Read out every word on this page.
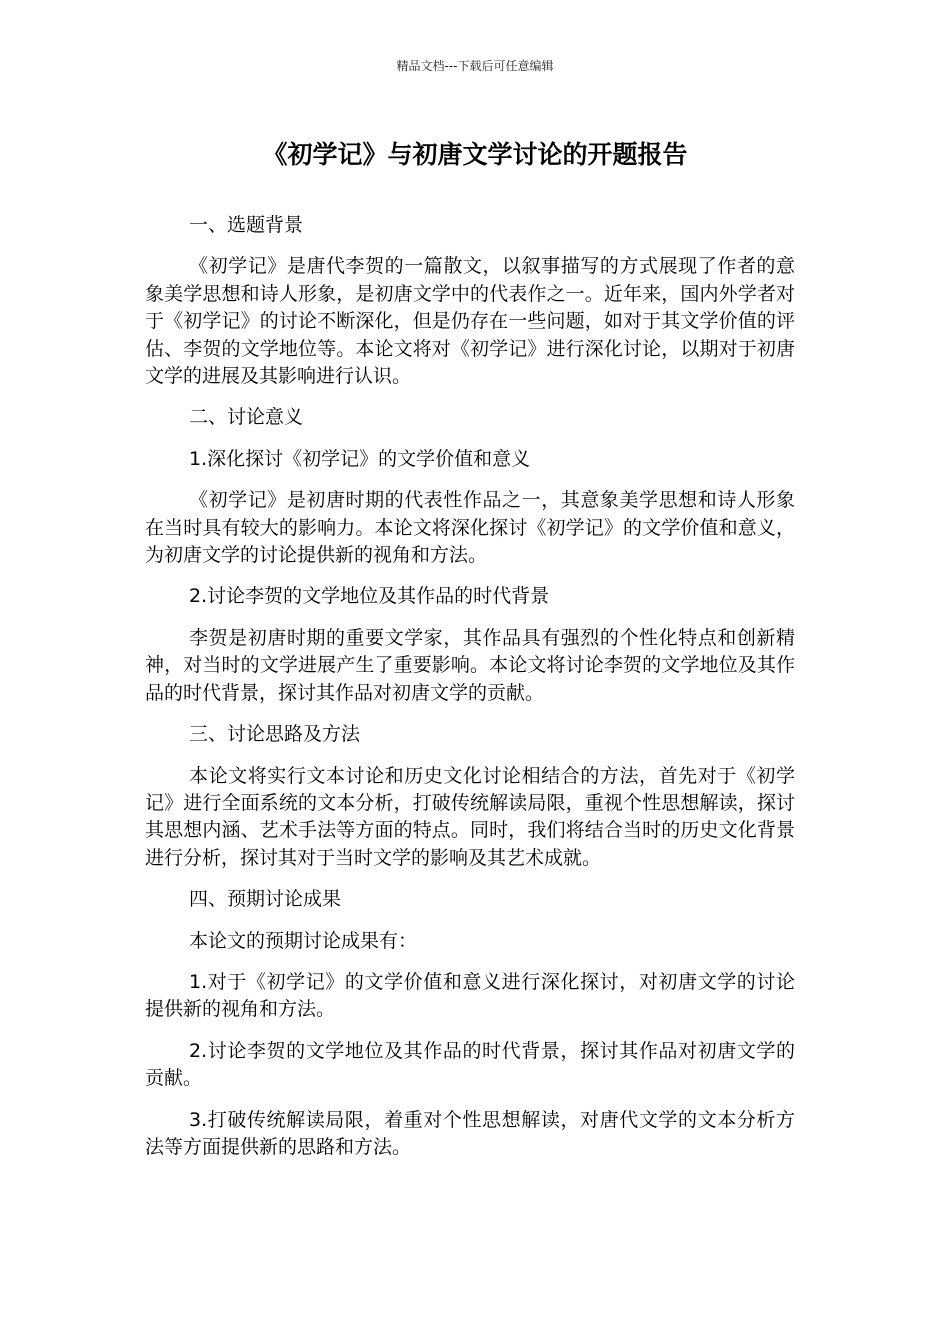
精品文档---下载后可任意编辑
《初学记》与初唐文学讨论的开题报告

一、选题背景

《初学记》是唐代李贺的一篇散文，以叙事描写的方式展现了作者的意象美学思想和诗人形象，是初唐文学中的代表作之一。近年来，国内外学者对于《初学记》的讨论不断深化，但是仍存在一些问题，如对于其文学价值的评估、李贺的文学地位等。本论文将对《初学记》进行深化讨论，以期对于初唐文学的进展及其影响进行认识。

二、讨论意义

1.深化探讨《初学记》的文学价值和意义

《初学记》是初唐时期的代表性作品之一，其意象美学思想和诗人形象在当时具有较大的影响力。本论文将深化探讨《初学记》的文学价值和意义，为初唐文学的讨论提供新的视角和方法。

2.讨论李贺的文学地位及其作品的时代背景

李贺是初唐时期的重要文学家，其作品具有强烈的个性化特点和创新精神，对当时的文学进展产生了重要影响。本论文将讨论李贺的文学地位及其作品的时代背景，探讨其作品对初唐文学的贡献。

三、讨论思路及方法

本论文将实行文本讨论和历史文化讨论相结合的方法，首先对于《初学记》进行全面系统的文本分析，打破传统解读局限，重视个性思想解读，探讨其思想内涵、艺术手法等方面的特点。同时，我们将结合当时的历史文化背景进行分析，探讨其对于当时文学的影响及其艺术成就。

四、预期讨论成果

本论文的预期讨论成果有：

1.对于《初学记》的文学价值和意义进行深化探讨，对初唐文学的讨论提供新的视角和方法。

2.讨论李贺的文学地位及其作品的时代背景，探讨其作品对初唐文学的贡献。

3.打破传统解读局限，着重对个性思想解读，对唐代文学的文本分析方法等方面提供新的思路和方法。
